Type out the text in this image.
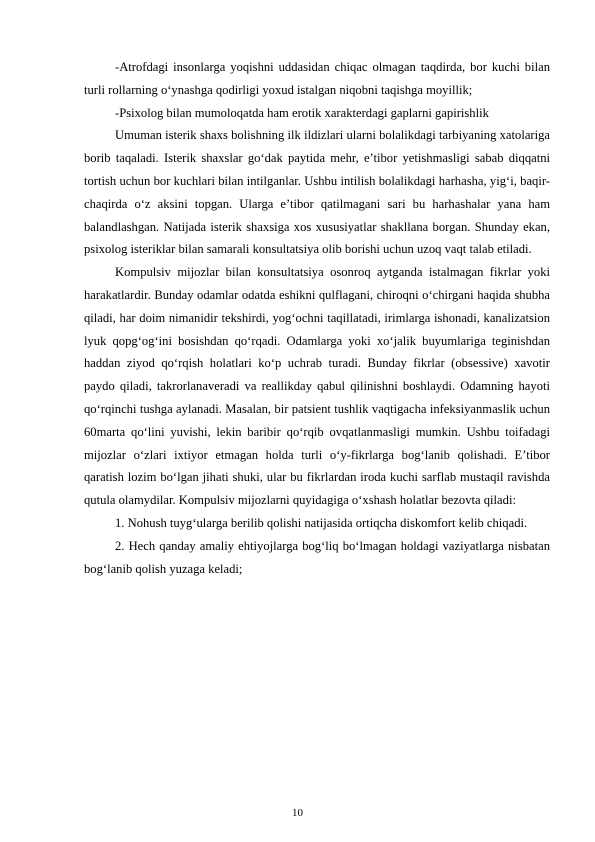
-Atrofdagi insonlarga yoqishni uddasidan chiqac olmagan taqdirda, bor kuchi bilan turli rollarning o‘ynashga qodirligi yoxud istalgan niqobni taqishga moyillik;

-Psixolog bilan mumoloqatda ham erotik xarakterdagi gaplarni gapirishlik

Umuman isterik shaxs bolishning ilk ildizlari ularni bolalikdagi tarbiyaning xatolariga borib taqaladi. Isterik shaxslar go‘dak paytida mehr, e’tibor yetishmasligi sabab diqqatni tortish uchun bor kuchlari bilan intilganlar. Ushbu intilish bolalikdagi harhasha, yig‘i, baqir-chaqirda o‘z aksini topgan. Ularga e’tibor qatilmagani sari bu harhashalar yana ham balandlashgan. Natijada isterik shaxsiga xos xususiyatlar shakllana borgan. Shunday ekan, psixolog isteriklar bilan samarali konsultatsiya olib borishi uchun uzoq vaqt talab etiladi.

Kompulsiv mijozlar bilan konsultatsiya osonroq aytganda istalmagan fikrlar yoki harakatlardir. Bunday odamlar odatda eshikni qulflagani, chiroqni o‘chirgani haqida shubha qiladi, har doim nimanidir tekshirdi, yog‘ochni taqillatadi, irimlarga ishonadi, kanalizatsion lyuk qopg‘og‘ini bosishdan qo‘rqadi. Odamlarga yoki xo‘jalik buyumlariga teginishdan haddan ziyod qo‘rqish holatlari ko‘p uchrab turadi. Bunday fikrlar (obsessive) xavotir paydo qiladi, takrorlanaveradi va reallikday qabul qilinishni boshlaydi. Odamning hayoti qo‘rqinchi tushga aylanadi. Masalan, bir patsient tushlik vaqtigacha infeksiyanmaslik uchun 60marta qo‘lini yuvishi, lekin baribir qo‘rqib ovqatlanmasligi mumkin. Ushbu toifadagi mijozlar o‘zlari ixtiyor etmagan holda turli o‘y-fikrlarga bog‘lanib qolishadi. E’tibor qaratish lozim bo‘lgan jihati shuki, ular bu fikrlardan iroda kuchi sarflab mustaqil ravishda qutula olamydilar. Kompulsiv mijozlarni quyidagiga o‘xshash holatlar bezovta qiladi:

1. Nohush tuyg‘ularga berilib qolishi natijasida ortiqcha diskomfort kelib chiqadi.

2. Hech qanday amaliy ehtiyojlarga bog‘liq bo‘lmagan holdagi vaziyatlarga nisbatan bog‘lanib qolish yuzaga keladi;

10
